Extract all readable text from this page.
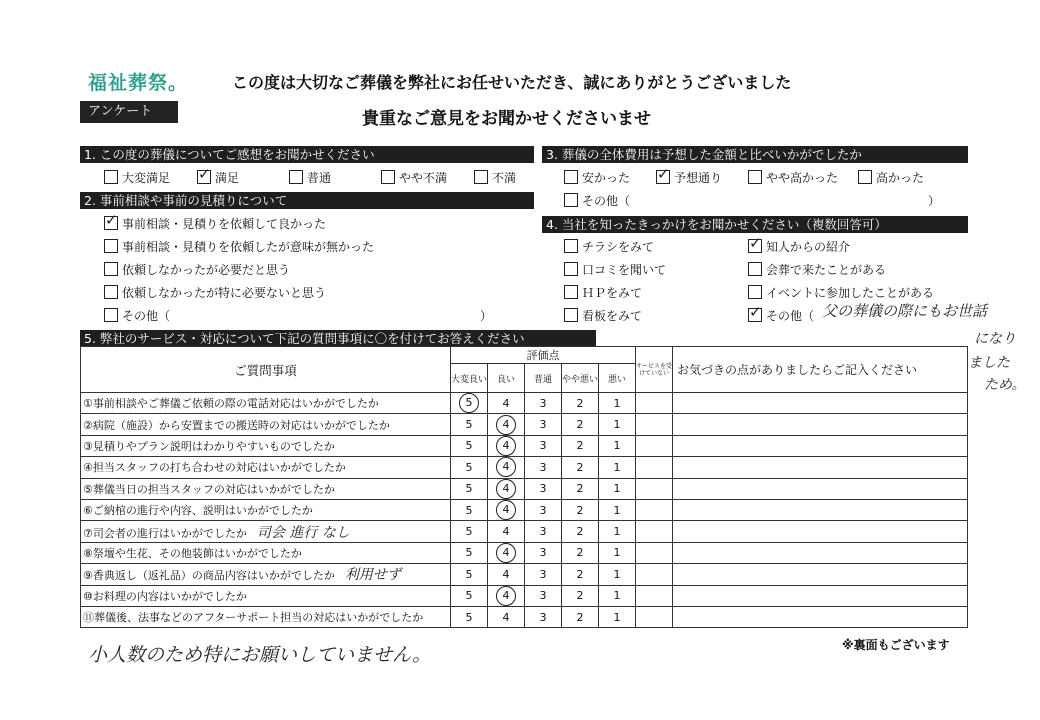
福祉葬祭。
アンケート
この度は大切なご葬儀を弊社にお任せいただき、誠にありがとうございました
貴重なご意見をお聞かせくださいませ
1. この度の葬儀についてご感想をお聞かせください
大変満足 ✓ 満足	普通	やや不満	不満
2. 事前相談や事前の見積りについて
✓ 事前相談・見積りを依頼して良かった
事前相談・見積りを依頼したが意味が無かった
依頼しなかったが必要だと思う
依頼しなかったが特に必要ないと思う
その他（	）
3. 葬儀の全体費用は予想した金額と比べいかがでしたか
安かった ✓ 予想通り	やや高かった	高かった
その他（	）
4. 当社を知ったきっかけをお聞かせください（複数回答可）
チラシをみて
口コミを聞いて
ＨＰをみて
看板をみて
✓ 知人からの紹介
会葬で来たことがある
イベントに参加したことがある
✓ その他（ 父の葬儀の際にもお世話
になり
ました
ため。
5. 弊社のサービス・対応について下記の質問事項に〇を付けてお答えください
ご質問事項	評価点					サービスを受けていない	お気づきの点がありましたらご記入ください
	大変良い	良い	普通	やや悪い	悪い		
①事前相談やご葬儀ご依頼の際の電話対応はいかがでしたか	5	4	3	2	1		
②病院（施設）から安置までの搬送時の対応はいかがでしたか	5	4	3	2	1		
③見積りやプラン説明はわかりやすいものでしたか	5	4	3	2	1		
④担当スタッフの打ち合わせの対応はいかがでしたか	5	4	3	2	1		
⑤葬儀当日の担当スタッフの対応はいかがでしたか	5	4	3	2	1		
⑥ご納棺の進行や内容、説明はいかがでしたか	5	4	3	2	1		
⑦司会者の進行はいかがでしたか 司会 進行 なし	5	4	3	2	1		
⑧祭壇や生花、その他装飾はいかがでしたか	5	4	3	2	1		
⑨香典返し（返礼品）の商品内容はいかがでしたか 利用せず	5	4	3	2	1		
⑩お料理の内容はいかがでしたか	5	4	3	2	1		
⑪葬儀後、法事などのアフターサポート担当の対応はいかがでしたか	5	4	3	2	1		
※裏面もございます
小人数のため特にお願いしていません。
